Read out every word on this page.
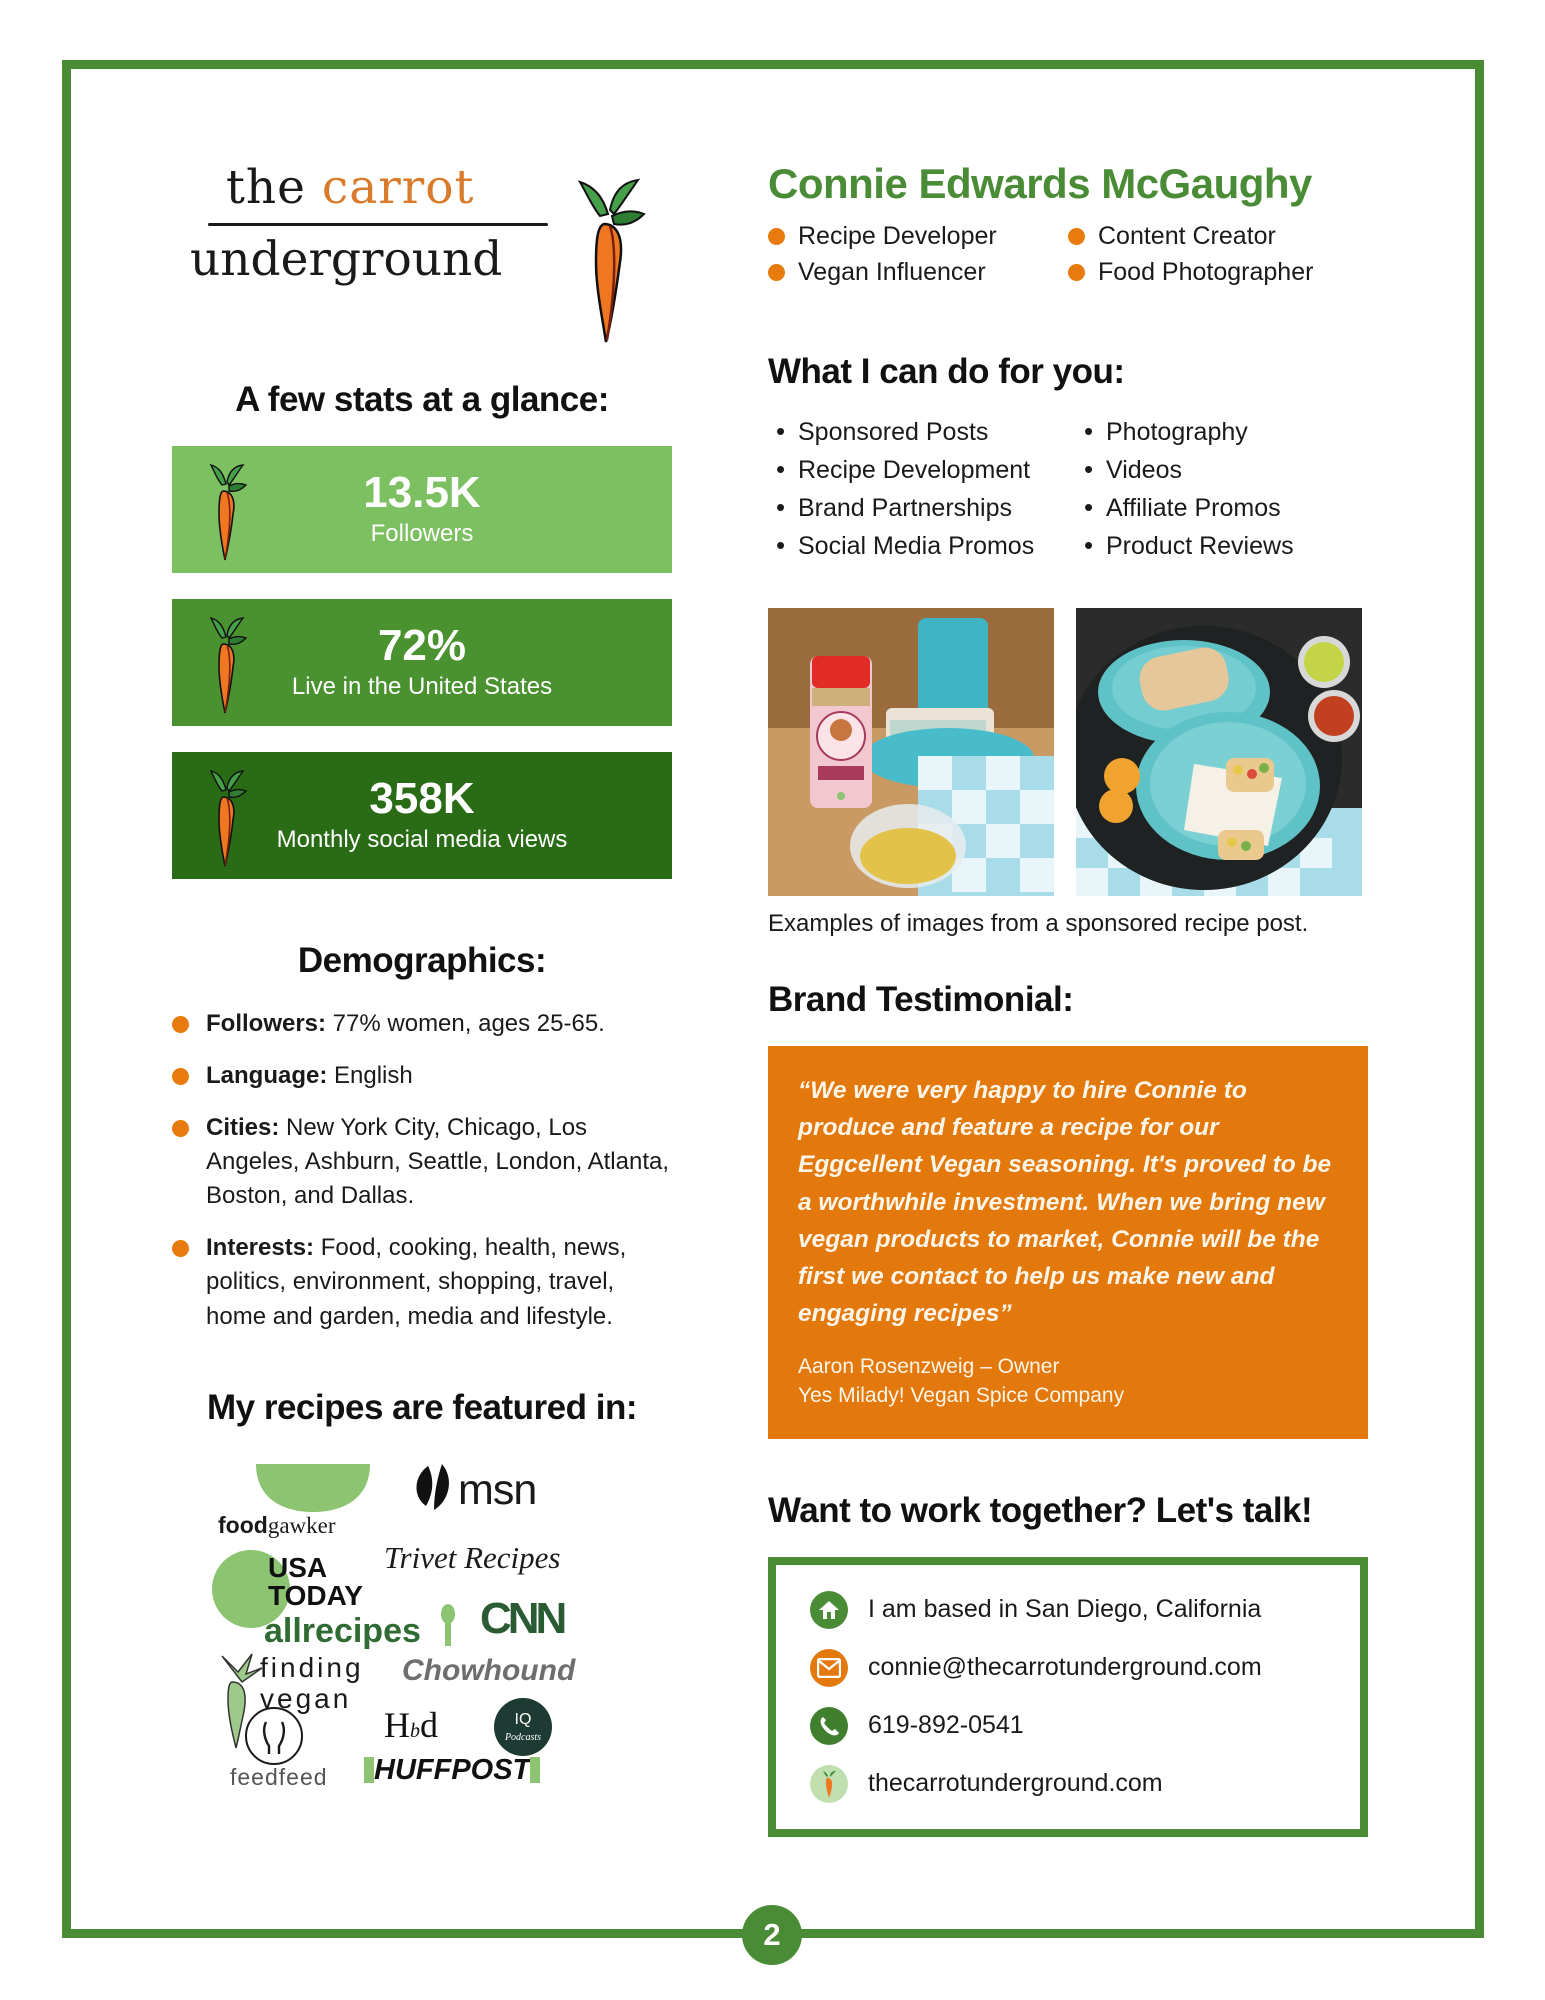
the carrot
underground
A few stats at a glance:
13.5K
Followers
72%
Live in the United States
358K
Monthly social media views
Demographics:
Followers: 77% women, ages 25-65.
Language: English
Cities: New York City, Chicago, Los Angeles, Ashburn, Seattle, London, Atlanta, Boston, and Dallas.
Interests: Food, cooking, health, news, politics, environment, shopping, travel, home and garden, media and lifestyle.
My recipes are featured in:
foodgawker
msn
USA
TODAY
Trivet Recipes
allrecipes CNN
finding
vegan
Chowhound
Hbd	IQ
Podcasts
feedfeed	HUFFPOST
Connie Edwards McGaughy
Recipe Developer	Content Creator
Vegan Influencer	Food Photographer
What I can do for you:
• Sponsored Posts
• Recipe Development
• Brand Partnerships
• Social Media Promos
• Photography
• Videos
• Affiliate Promos
• Product Reviews
Examples of images from a sponsored recipe post.
Brand Testimonial:
“We were very happy to hire Connie to produce and feature a recipe for our Eggcellent Vegan seasoning. It's proved to be a worthwhile investment. When we bring new vegan products to market, Connie will be the first we contact to help us make new and engaging recipes”
Aaron Rosenzweig – Owner
Yes Milady! Vegan Spice Company
Want to work together? Let's talk!
I am based in San Diego, California
connie@thecarrotunderground.com
619-892-0541
thecarrotunderground.com
2
